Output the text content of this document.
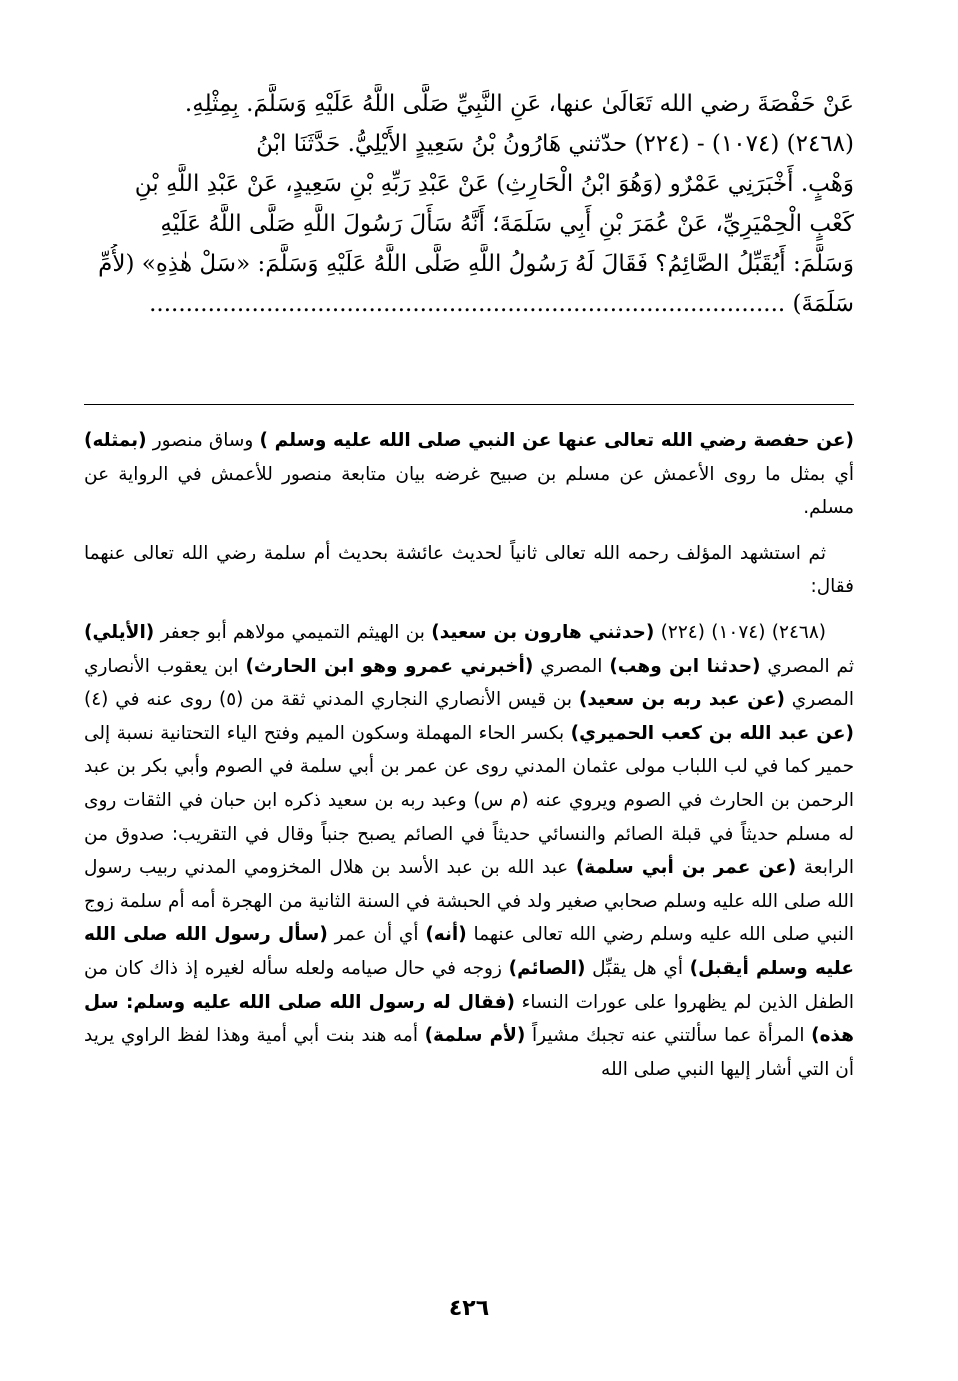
عَنْ حَفْصَةَ رضي الله تَعَالَىٰ عنها، عَنِ النَّبِيِّ صَلَّى اللَّهُ عَلَيْهِ وَسَلَّمَ. بِمِثْلِهِ.
(٢٤٦٨) (١٠٧٤) - (٢٢٤) حدّثني هَارُونُ بْنُ سَعِيدٍ الأَيْلِيُّ. حَدَّثَنَا ابْنُ
وَهْبٍ. أَخْبَرَنِي عَمْرٌو (وَهُوَ ابْنُ الْحَارِثِ) عَنْ عَبْدِ رَبِّهِ بْنِ سَعِيدٍ، عَنْ عَبْدِ اللَّهِ بْنِ
كَعْبٍ الْحِمْيَرِيِّ، عَنْ عُمَرَ بْنِ أَبِي سَلَمَةَ؛ أَنَّهُ سَأَلَ رَسُولَ اللَّهِ صَلَّى اللَّهُ عَلَيْهِ
وَسَلَّمَ: أَيُقَبِّلُ الصَّائِمُ؟ فَقَالَ لَهُ رَسُولُ اللَّهِ صَلَّى اللَّهُ عَلَيْهِ وَسَلَّمَ: «سَلْ هٰذِهِ» (لأُمِّ
سَلَمَةَ) .......................................................................................

(عن حفصة رضي الله تعالى عنها عن النبي صلى الله عليه وسلم ) وساق منصور (بمثله) أي بمثل ما روى الأعمش عن مسلم بن صبيح غرضه بيان متابعة منصور للأعمش في الرواية عن مسلم.

ثم استشهد المؤلف رحمه الله تعالى ثانياً لحديث عائشة بحديث أم سلمة رضي الله تعالى عنهما فقال:

(٢٤٦٨) (١٠٧٤) (٢٢٤) (حدثني هارون بن سعيد) بن الهيثم التميمي مولاهم أبو جعفر (الأيلي) ثم المصري (حدثنا ابن وهب) المصري (أخبرني عمرو وهو ابن الحارث) ابن يعقوب الأنصاري المصري (عن عبد ربه بن سعيد) بن قيس الأنصاري النجاري المدني ثقة من (٥) روى عنه في (٤) (عن عبد الله بن كعب الحميري) بكسر الحاء المهملة وسكون الميم وفتح الياء التحتانية نسبة إلى حمير كما في لب اللباب مولى عثمان المدني روى عن عمر بن أبي سلمة في الصوم وأبي بكر بن عبد الرحمن بن الحارث في الصوم ويروي عنه (م س) وعبد ربه بن سعيد ذكره ابن حبان في الثقات روى له مسلم حديثاً في قبلة الصائم والنسائي حديثاً في الصائم يصبح جنباً وقال في التقريب: صدوق من الرابعة (عن عمر بن أبي سلمة) عبد الله بن عبد الأسد بن هلال المخزومي المدني ربيب رسول الله صلى الله عليه وسلم صحابي صغير ولد في الحبشة في السنة الثانية من الهجرة أمه أم سلمة زوج النبي صلى الله عليه وسلم رضي الله تعالى عنهما (أنه) أي أن عمر (سأل رسول الله صلى الله عليه وسلم أيقبل) أي هل يقبِّل (الصائم) زوجه في حال صيامه ولعله سأله لغيره إذ ذاك كان من الطفل الذين لم يظهروا على عورات النساء (فقال له رسول الله صلى الله عليه وسلم: سل هذه) المرأة عما سألتني عنه تجبك مشيراً (لأم سلمة) أمه هند بنت أبي أمية وهذا لفظ الراوي يريد أن التي أشار إليها النبي صلى الله

٤٢٦
